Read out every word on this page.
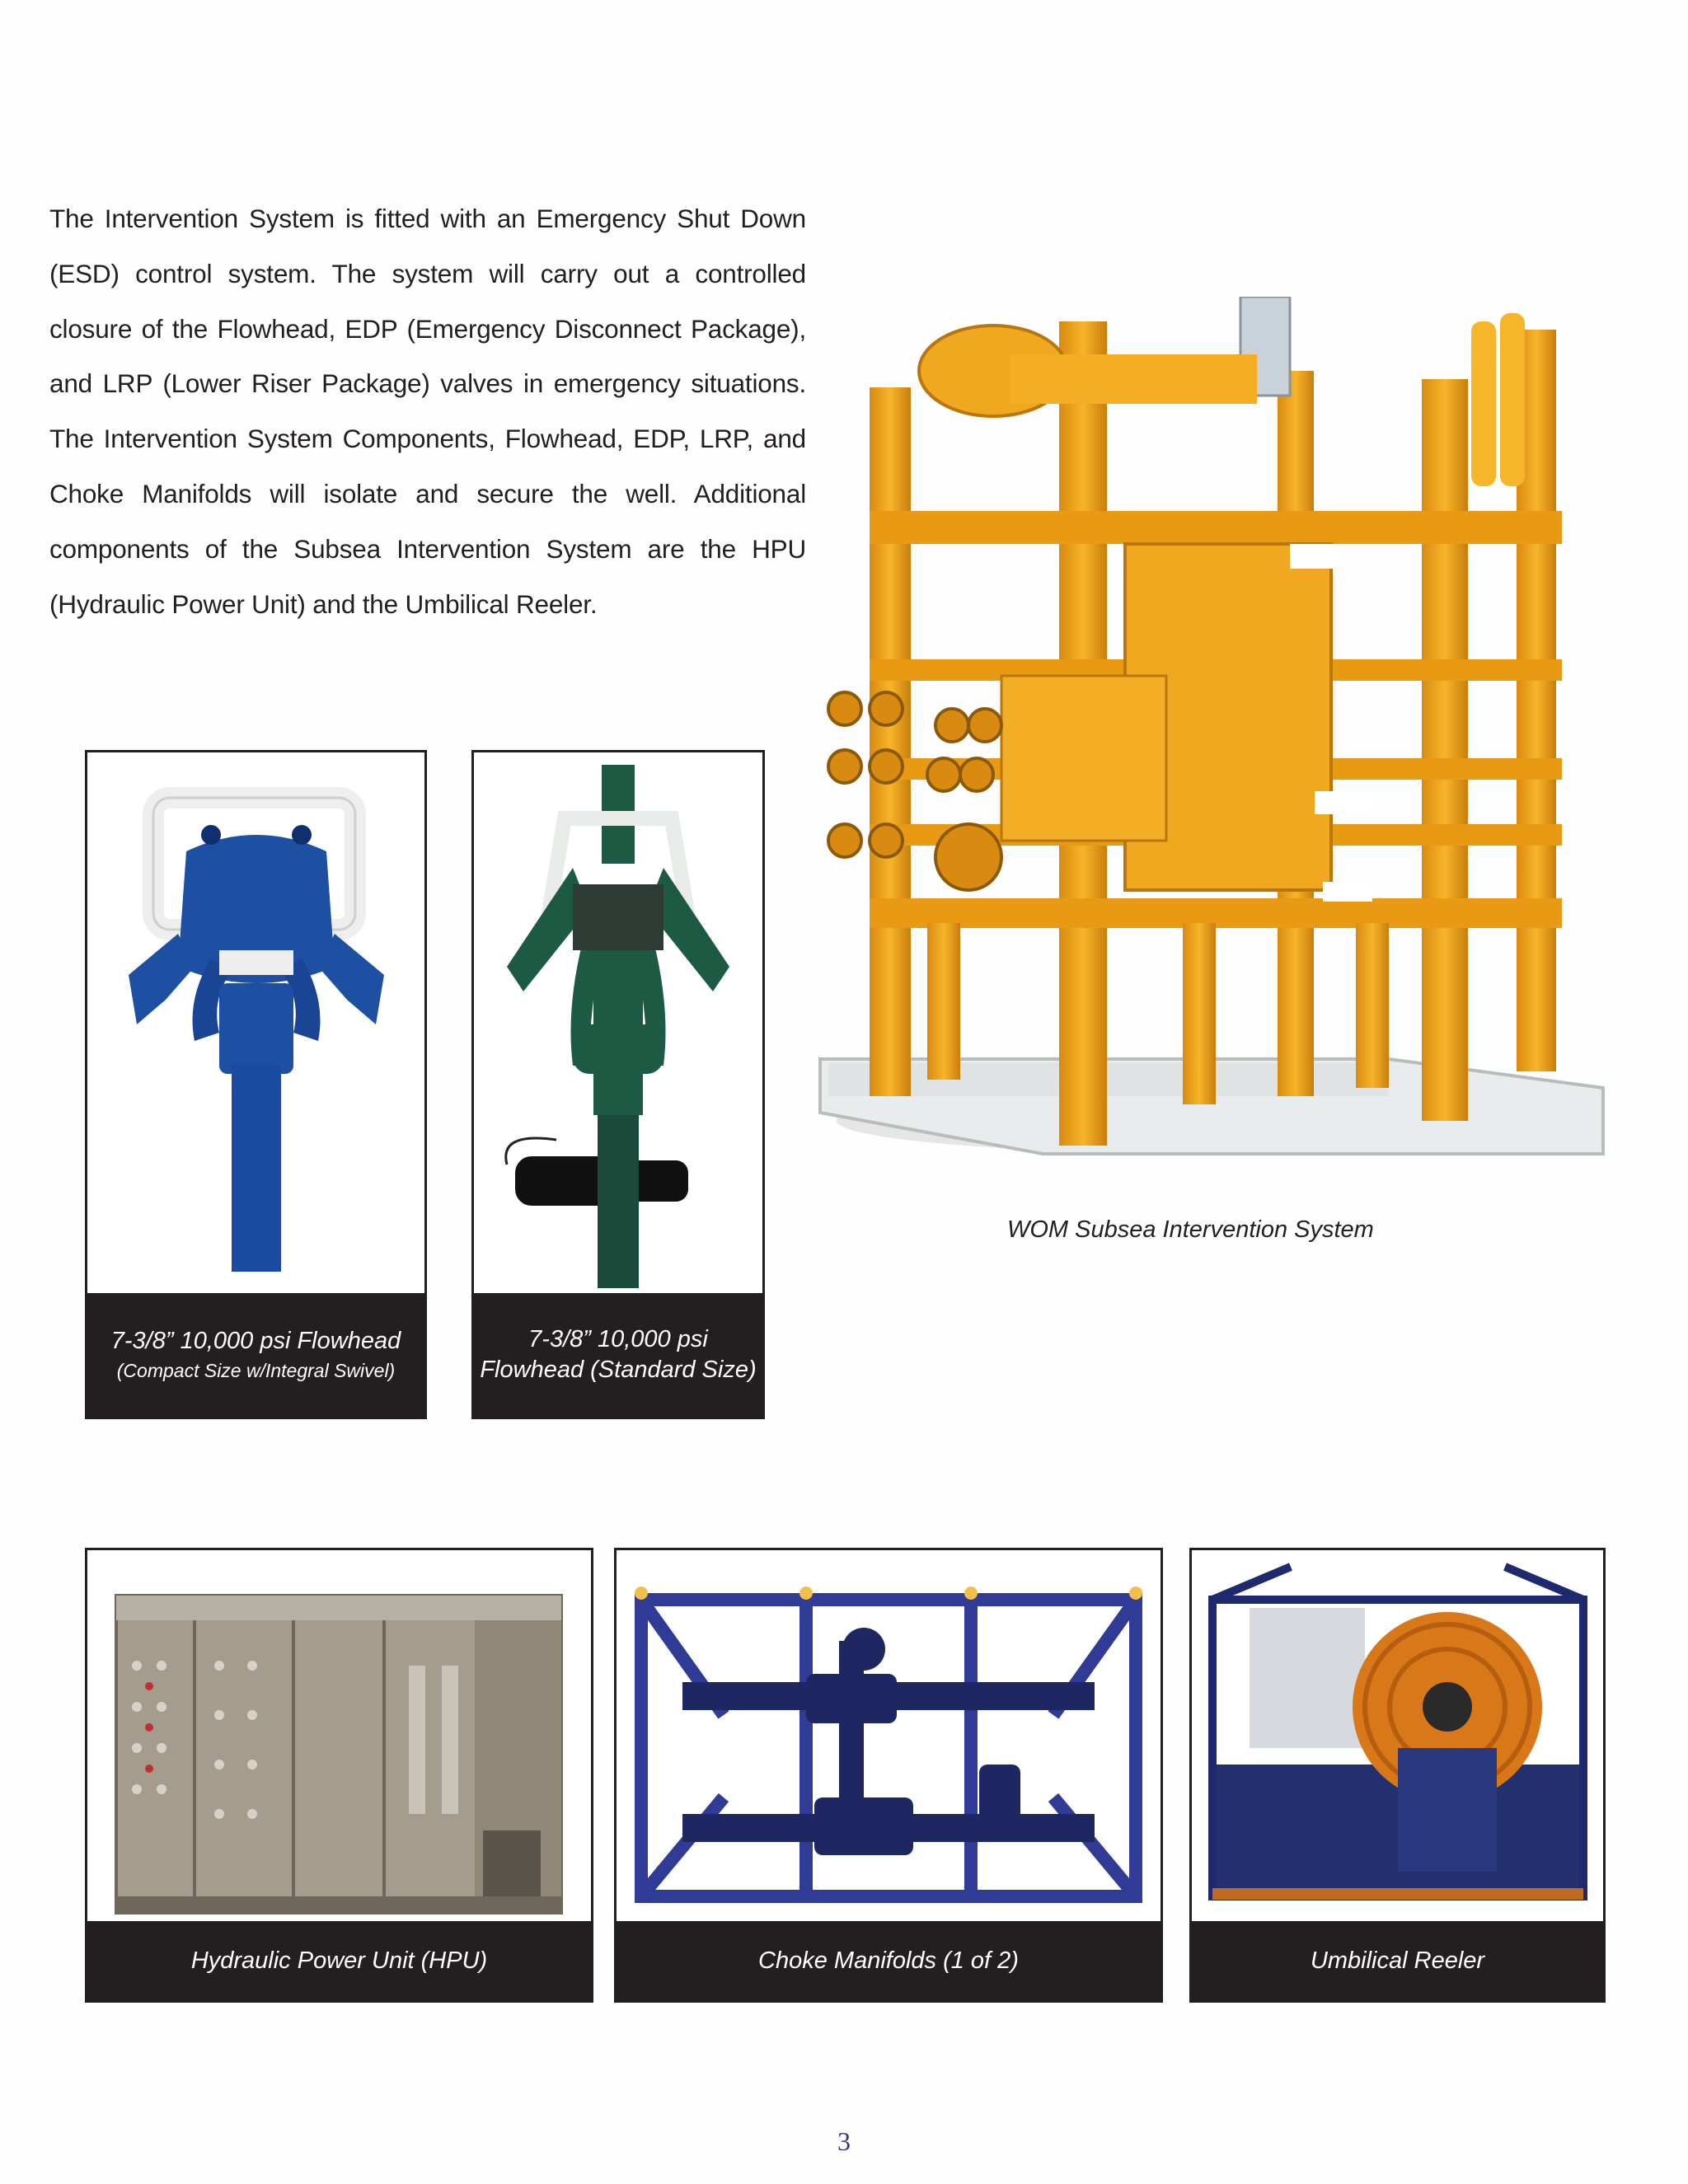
The Intervention System is fitted with an Emergency Shut Down (ESD) control system. The system will carry out a controlled closure of the Flowhead, EDP (Emergency Disconnect Package), and LRP (Lower Riser Package) valves in emergency situations. The Intervention System Components, Flowhead, EDP, LRP, and Choke Manifolds will isolate and secure the well. Additional components of the Subsea Intervention System are the HPU (Hydraulic Power Unit) and the Umbilical Reeler.

WOM Subsea Intervention System
7-3/8” 10,000 psi Flowhead
(Compact Size w/Integral Swivel)
7-3/8” 10,000 psi
Flowhead (Standard Size)
Hydraulic Power Unit (HPU)	Choke Manifolds (1 of 2)	Umbilical Reeler
3
